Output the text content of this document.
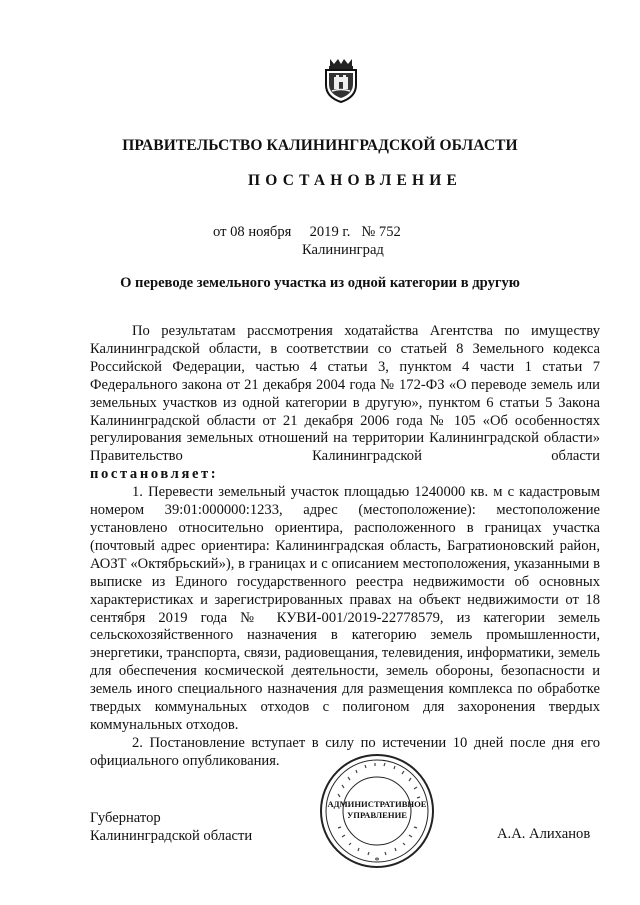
ПРАВИТЕЛЬСТВО КАЛИНИНГРАДСКОЙ ОБЛАСТИ
ПОСТАНОВЛЕНИЕ
от 08 ноября     2019 г.   № 752
Калининград
О переводе земельного участка из одной категории в другую

По результатам рассмотрения ходатайства Агентства по имуществу Калининградской области, в соответствии со статьей 8 Земельного кодекса Российской Федерации, частью 4 статьи 3, пунктом 4 части 1 статьи 7 Федерального закона от 21 декабря 2004 года № 172-ФЗ «О переводе земель или земельных участков из одной категории в другую», пунктом 6 статьи 5 Закона Калининградской области от 21 декабря 2006 года № 105 «Об особенностях регулирования земельных отношений на территории Калининградской области» Правительство Калининградской области

постановляет:

1. Перевести земельный участок площадью 1240000 кв. м с кадастровым номером 39:01:000000:1233, адрес (местоположение): местоположение установлено относительно ориентира, расположенного в границах участка (почтовый адрес ориентира: Калининградская область, Багратионовский район, АОЗТ «Октябрьский»), в границах и с описанием местоположения, указанными в выписке из Единого государственного реестра недвижимости об основных характеристиках и зарегистрированных правах на объект недвижимости от 18 сентября 2019 года № КУВИ-001/2019-22778579, из категории земель сельскохозяйственного назначения в категорию земель промышленности, энергетики, транспорта, связи, радиовещания, телевидения, информатики, земель для обеспечения космической деятельности, земель обороны, безопасности и земель иного специального назначения для размещения комплекса по обработке твердых коммунальных отходов с полигоном для захоронения твердых коммунальных отходов.

2. Постановление вступает в силу по истечении 10 дней после дня его официального опубликования.

Губернатор
Калининградской области	А.А. Алиханов
АДМИНИСТРАТИВНОЕ
УПРАВЛЕНИЕ
*
